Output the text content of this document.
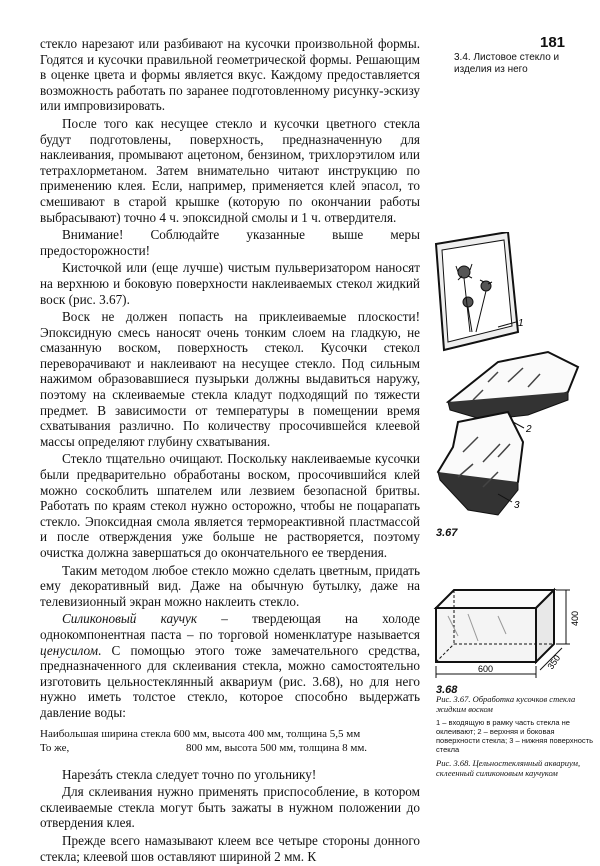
181
3.4. Листовое стекло и изделия из него

стекло нарезают или разбивают на кусочки произвольной формы. Годятся и кусочки правильной геометрической формы. Решающим в оценке цвета и формы является вкус. Каждому предоставляется возможность работать по заранее подготовленному рисунку-эскизу или импровизировать.

После того как несущее стекло и кусочки цветного стекла будут подготовлены, поверхность, предназначенную для наклеивания, промывают ацетоном, бензином, трихлорэтилом или тетрахлорметаном. Затем внимательно читают инструкцию по применению клея. Если, например, применяется клей эпасол, то смешивают в старой крышке (которую по окончании работы выбрасывают) точно 4 ч. эпоксидной смолы и 1 ч. отвердителя.

Внимание! Соблюдайте указанные выше меры предосторожности!

Кисточкой или (еще лучше) чистым пульверизатором наносят на верхнюю и боковую поверхности наклеиваемых стекол жидкий воск (рис. 3.67).

Воск не должен попасть на приклеиваемые плоскости! Эпоксидную смесь наносят очень тонким слоем на гладкую, не смазанную воском, поверхность стекол. Кусочки стекол переворачивают и наклеивают на несущее стекло. Под сильным нажимом образовавшиеся пузырьки должны выдавиться наружу, поэтому на склеиваемые стекла кладут подходящий по тяжести предмет. В зависимости от температуры в помещении время схватывания различно. По количеству просочившейся клеевой массы определяют глубину схватывания.

Стекло тщательно очищают. Поскольку наклеиваемые кусочки были предварительно обработаны воском, просочившийся клей можно соскоблить шпателем или лезвием безопасной бритвы. Работать по краям стекол нужно осторожно, чтобы не поцарапать стекло. Эпоксидная смола является термореактивной пластмассой и после отверждения уже больше не растворяется, поэтому очистка должна завершаться до окончательного ее твердения.

Таким методом любое стекло можно сделать цветным, придать ему декоративный вид. Даже на обычную бутылку, даже на телевизионный экран можно наклеить стекло.

Силиконовый каучук – твердеющая на холоде однокомпонентная паста – по торговой номенклатуре называется ценусилом. С помощью этого тоже замечательного средства, предназначенного для склеивания стекла, можно самостоятельно изготовить цельностеклянный аквариум (рис. 3.68), но для него нужно иметь толстое стекло, которое способно выдержать давление воды:

Наибольшая ширина стекла 600 мм, высота 400 мм, толщина 5,5 мм
То же,	800 мм, высота 500 мм, толщина 8 мм.

Нарезáть стекла следует точно по угольнику!

Для склеивания нужно применять приспособление, в котором склеиваемые стекла могут быть зажаты в нужном положении до отвердения клея.

Прежде всего намазывают клеем все четыре стороны донного стекла; клеевой шов оставляют шириной 2 мм. К

1
2
3
3.67
600
400
350
3.68

Рис. 3.67. Обработка кусочков стекла жидким воском

1 – входящую в рамку часть стекла не оклеивают; 2 – верхняя и боковая поверхности стекла; 3 – нижняя поверхность стекла

Рис. 3.68. Цельностеклянный аквариум, склеенный силиконовым каучуком
